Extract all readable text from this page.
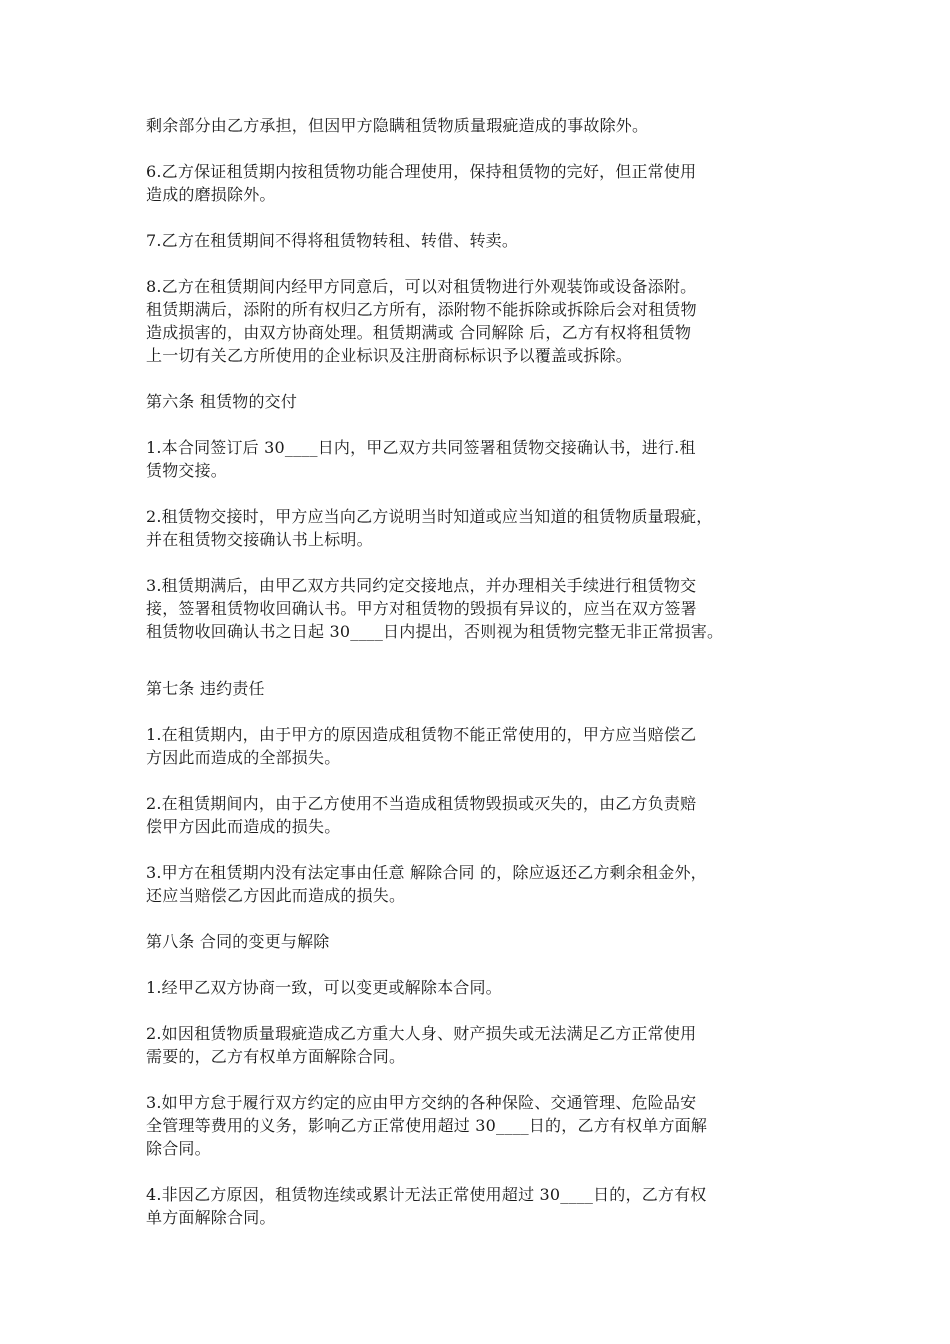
剩余部分由乙方承担，但因甲方隐瞒租赁物质量瑕疵造成的事故除外。
6.乙方保证租赁期内按租赁物功能合理使用，保持租赁物的完好，但正常使用
造成的磨损除外。
7.乙方在租赁期间不得将租赁物转租、转借、转卖。
8.乙方在租赁期间内经甲方同意后，可以对租赁物进行外观装饰或设备添附。
租赁期满后，添附的所有权归乙方所有，添附物不能拆除或拆除后会对租赁物
造成损害的，由双方协商处理。租赁期满或 合同解除 后，乙方有权将租赁物
上一切有关乙方所使用的企业标识及注册商标标识予以覆盖或拆除。
第六条 租赁物的交付
1.本合同签订后 30____日内，甲乙双方共同签署租赁物交接确认书，进行.租
赁物交接。
2.租赁物交接时，甲方应当向乙方说明当时知道或应当知道的租赁物质量瑕疵，
并在租赁物交接确认书上标明。
3.租赁期满后，由甲乙双方共同约定交接地点，并办理相关手续进行租赁物交
接，签署租赁物收回确认书。甲方对租赁物的毁损有异议的，应当在双方签署
租赁物收回确认书之日起 30____日内提出，否则视为租赁物完整无非正常损害。
第七条 违约责任
1.在租赁期内，由于甲方的原因造成租赁物不能正常使用的，甲方应当赔偿乙
方因此而造成的全部损失。
2.在租赁期间内，由于乙方使用不当造成租赁物毁损或灭失的，由乙方负责赔
偿甲方因此而造成的损失。
3.甲方在租赁期内没有法定事由任意 解除合同 的，除应返还乙方剩余租金外，
还应当赔偿乙方因此而造成的损失。
第八条 合同的变更与解除
1.经甲乙双方协商一致，可以变更或解除本合同。
2.如因租赁物质量瑕疵造成乙方重大人身、财产损失或无法满足乙方正常使用
需要的，乙方有权单方面解除合同。
3.如甲方怠于履行双方约定的应由甲方交纳的各种保险、交通管理、危险品安
全管理等费用的义务，影响乙方正常使用超过 30____日的，乙方有权单方面解
除合同。
4.非因乙方原因，租赁物连续或累计无法正常使用超过 30____日的，乙方有权
单方面解除合同。
